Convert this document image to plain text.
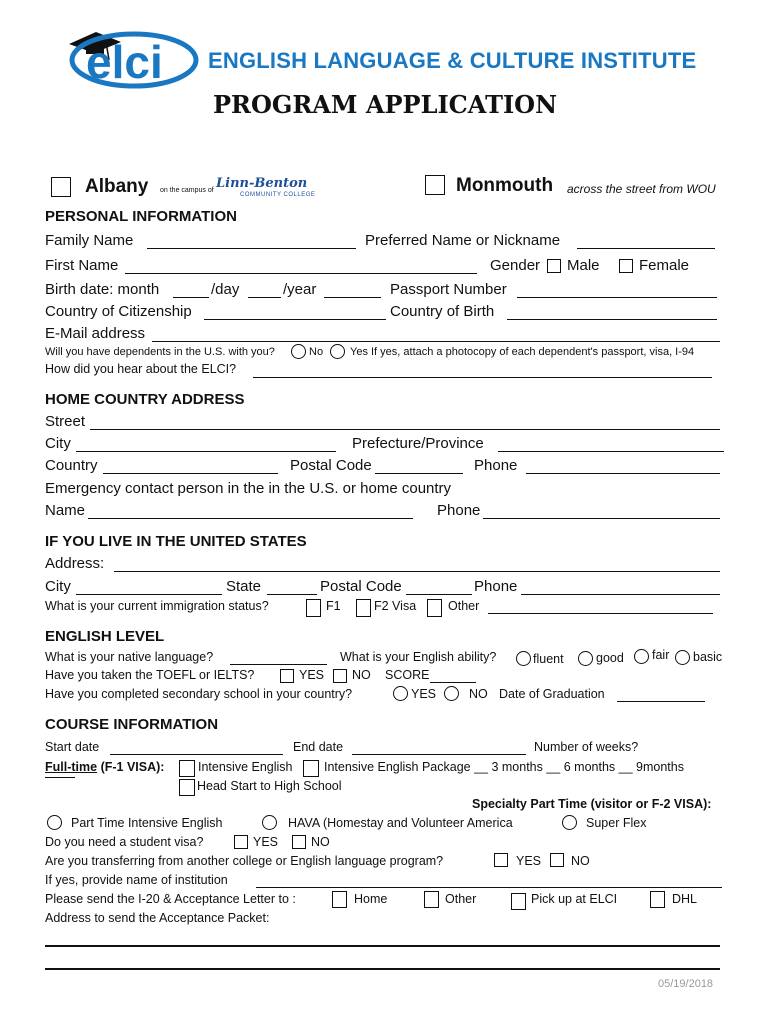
elci ENGLISH LANGUAGE & CULTURE INSTITUTE
PROGRAM APPLICATION
Albany on the campus of Linn-Benton
COMMUNITY COLLEGE	Monmouth across the street from WOU
PERSONAL INFORMATION
Family Name	Preferred Name or Nickname
First Name	Gender Male	Female
Birth date: month	/day	/year	Passport Number
Country of Citizenship	Country of Birth
E-Mail address
Will you have dependents in the U.S. with you?	No Yes If yes, attach a photocopy of each dependent's passport, visa, I-94
How did you hear about the ELCI?
HOME COUNTRY ADDRESS
Street
City	Prefecture/Province
Country	Postal Code	Phone
Emergency contact person in the in the U.S. or home country
Name	Phone
IF YOU LIVE IN THE UNITED STATES
Address:
City	State	Postal Code	Phone
What is your current immigration status?	F1	F2 Visa	Other
ENGLISH LEVEL
What is your native language?	What is your English ability?	fluent	good fair basic
Have you taken the TOEFL or IELTS?	YES NO SCORE
Have you completed secondary school in your country?	YES	NO Date of Graduation
COURSE INFORMATION
Start date	End date	Number of weeks?
Full-time (F-1 VISA):	Intensive English	Intensive English Package __ 3 months __ 6 months __ 9months
Head Start to High School
Specialty Part Time (visitor or F-2 VISA):
Part Time Intensive English	HAVA (Homestay and Volunteer America	Super Flex
Do you need a student visa?	YES	NO
Are you transferring from another college or English language program?	YES NO
If yes, provide name of institution
Please send the I-20 & Acceptance Letter to :	Home	Other	Pick up at ELCI	DHL
Address to send the Acceptance Packet:
05/19/2018
